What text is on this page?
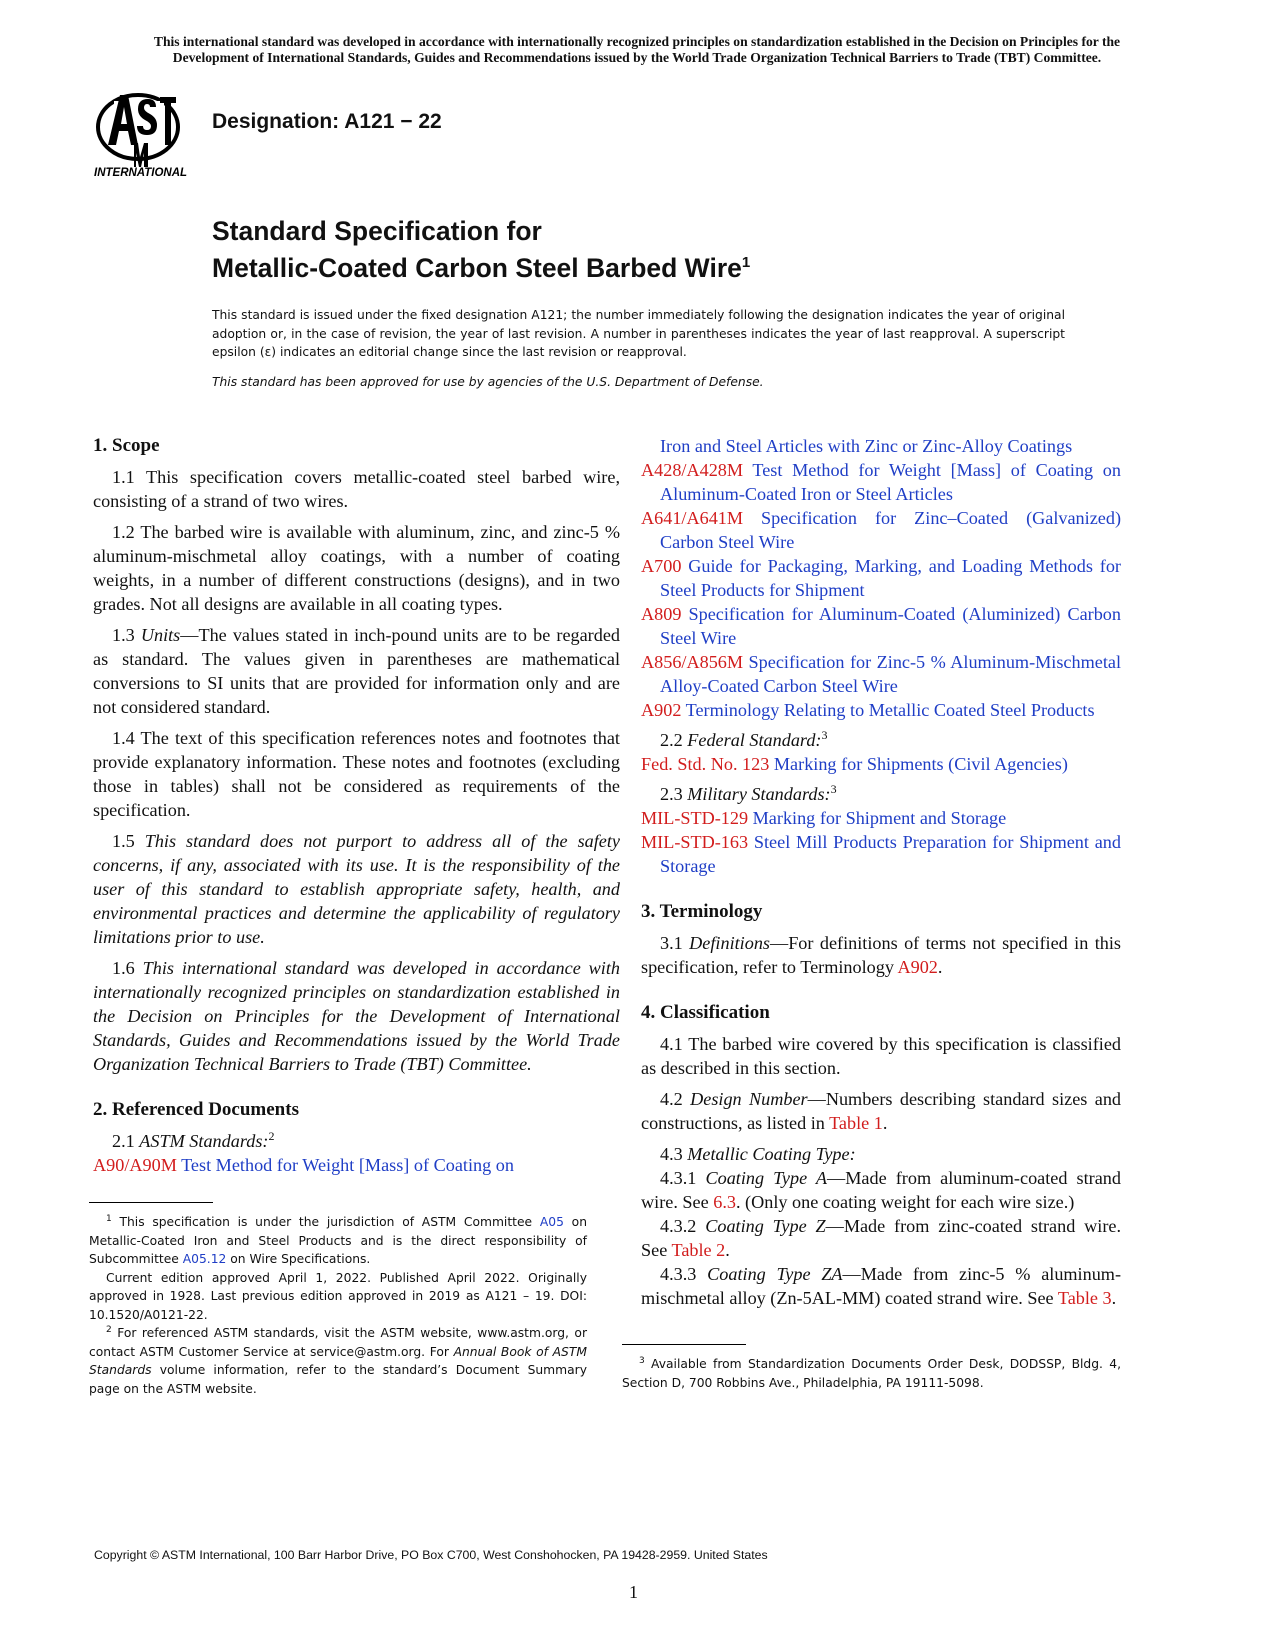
This international standard was developed in accordance with internationally recognized principles on standardization established in the Decision on Principles for the
Development of International Standards, Guides and Recommendations issued by the World Trade Organization Technical Barriers to Trade (TBT) Committee.
INTERNATIONAL
Designation: A121 − 22
Standard Specification for
Metallic-Coated Carbon Steel Barbed Wire$^1$
This standard is issued under the fixed designation A121; the number immediately following the designation indicates the year of original adoption or, in the case of revision, the year of last revision. A number in parentheses indicates the year of last reapproval. A superscript epsilon (ε) indicates an editorial change since the last revision or reapproval.
This standard has been approved for use by agencies of the U.S. Department of Defense.
1. Scope

1.1 This specification covers metallic-coated steel barbed wire, consisting of a strand of two wires.

1.2 The barbed wire is available with aluminum, zinc, and zinc-5 % aluminum-mischmetal alloy coatings, with a number of coating weights, in a number of different constructions (designs), and in two grades. Not all designs are available in all coating types.

1.3 Units—The values stated in inch-pound units are to be regarded as standard. The values given in parentheses are mathematical conversions to SI units that are provided for information only and are not considered standard.

1.4 The text of this specification references notes and footnotes that provide explanatory information. These notes and footnotes (excluding those in tables) shall not be considered as requirements of the specification.

1.5 This standard does not purport to address all of the safety concerns, if any, associated with its use. It is the responsibility of the user of this standard to establish appropriate safety, health, and environmental practices and determine the applicability of regulatory limitations prior to use.

1.6 This international standard was developed in accordance with internationally recognized principles on standardization established in the Decision on Principles for the Development of International Standards, Guides and Recommendations issued by the World Trade Organization Technical Barriers to Trade (TBT) Committee.

2. Referenced Documents

2.1 ASTM Standards:$^2$

A90/A90M Test Method for Weight [Mass] of Coating on

$^1$ This specification is under the jurisdiction of ASTM Committee A05 on Metallic-Coated Iron and Steel Products and is the direct responsibility of Subcommittee A05.12 on Wire Specifications.

Current edition approved April 1, 2022. Published April 2022. Originally approved in 1928. Last previous edition approved in 2019 as A121 – 19. DOI: 10.1520/A0121-22.

$^2$ For referenced ASTM standards, visit the ASTM website, www.astm.org, or contact ASTM Customer Service at service@astm.org. For Annual Book of ASTM Standards volume information, refer to the standard’s Document Summary page on the ASTM website.

Iron and Steel Articles with Zinc or Zinc-Alloy Coatings

A428/A428M Test Method for Weight [Mass] of Coating on Aluminum-Coated Iron or Steel Articles

A641/A641M Specification for Zinc–Coated (Galvanized) Carbon Steel Wire

A700 Guide for Packaging, Marking, and Loading Methods for Steel Products for Shipment

A809 Specification for Aluminum-Coated (Aluminized) Carbon Steel Wire

A856/A856M Specification for Zinc-5 % Aluminum-Mischmetal Alloy-Coated Carbon Steel Wire

A902 Terminology Relating to Metallic Coated Steel Products

2.2 Federal Standard:$^3$

Fed. Std. No. 123 Marking for Shipments (Civil Agencies)

2.3 Military Standards:$^3$

MIL-STD-129 Marking for Shipment and Storage

MIL-STD-163 Steel Mill Products Preparation for Shipment and Storage

3. Terminology

3.1 Definitions—For definitions of terms not specified in this specification, refer to Terminology A902.

4. Classification

4.1 The barbed wire covered by this specification is classified as described in this section.

4.2 Design Number—Numbers describing standard sizes and constructions, as listed in Table 1.

4.3 Metallic Coating Type:

4.3.1 Coating Type A—Made from aluminum-coated strand wire. See 6.3. (Only one coating weight for each wire size.)

4.3.2 Coating Type Z—Made from zinc-coated strand wire. See Table 2.

4.3.3 Coating Type ZA—Made from zinc-5 % aluminum-mischmetal alloy (Zn-5AL-MM) coated strand wire. See Table 3.

$^3$ Available from Standardization Documents Order Desk, DODSSP, Bldg. 4, Section D, 700 Robbins Ave., Philadelphia, PA 19111-5098.

Copyright © ASTM International, 100 Barr Harbor Drive, PO Box C700, West Conshohocken, PA 19428-2959. United States
1
